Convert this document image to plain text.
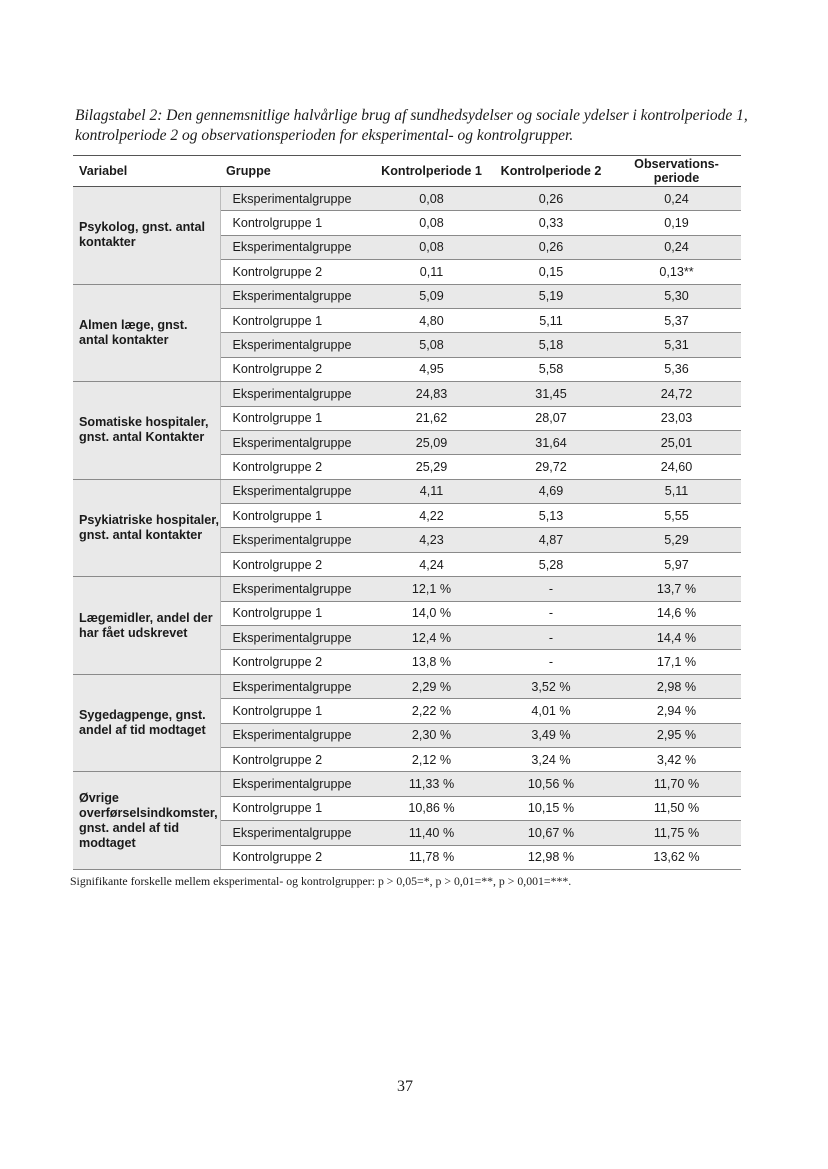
Bilagstabel 2: Den gennemsnitlige halvårlige brug af sundhedsydelser og sociale ydelser i kontrolperiode 1, kontrolperiode 2 og observationsperioden for eksperimental- og kontrolgrupper.

Variabel	Gruppe	Kontrolperiode 1	Kontrolperiode 2	Observations-periode
Psykolog, gnst. antal kontakter	Eksperimentalgruppe	0,08	0,26	0,24
	Kontrolgruppe 1	0,08	0,33	0,19
	Eksperimentalgruppe	0,08	0,26	0,24
	Kontrolgruppe 2	0,11	0,15	0,13**
Almen læge, gnst. antal kontakter	Eksperimentalgruppe	5,09	5,19	5,30
	Kontrolgruppe 1	4,80	5,11	5,37
	Eksperimentalgruppe	5,08	5,18	5,31
	Kontrolgruppe 2	4,95	5,58	5,36
Somatiske hospitaler, gnst. antal Kontakter	Eksperimentalgruppe	24,83	31,45	24,72
	Kontrolgruppe 1	21,62	28,07	23,03
	Eksperimentalgruppe	25,09	31,64	25,01
	Kontrolgruppe 2	25,29	29,72	24,60
Psykiatriske hospitaler, gnst. antal kontakter	Eksperimentalgruppe	4,11	4,69	5,11
	Kontrolgruppe 1	4,22	5,13	5,55
	Eksperimentalgruppe	4,23	4,87	5,29
	Kontrolgruppe 2	4,24	5,28	5,97
Lægemidler, andel der har fået udskrevet	Eksperimentalgruppe	12,1 %	-	13,7 %
	Kontrolgruppe 1	14,0 %	-	14,6 %
	Eksperimentalgruppe	12,4 %	-	14,4 %
	Kontrolgruppe 2	13,8 %	-	17,1 %
Sygedagpenge, gnst. andel af tid modtaget	Eksperimentalgruppe	2,29 %	3,52 %	2,98 %
	Kontrolgruppe 1	2,22 %	4,01 %	2,94 %
	Eksperimentalgruppe	2,30 %	3,49 %	2,95 %
	Kontrolgruppe 2	2,12 %	3,24 %	3,42 %
Øvrige overførselsindkomster, gnst. andel af tid modtaget	Eksperimentalgruppe	11,33 %	10,56 %	11,70 %
	Kontrolgruppe 1	10,86 %	10,15 %	11,50 %
	Eksperimentalgruppe	11,40 %	10,67 %	11,75 %
	Kontrolgruppe 2	11,78 %	12,98 %	13,62 %

Signifikante forskelle mellem eksperimental- og kontrolgrupper: p > 0,05=*, p > 0,01=**, p > 0,001=***.

37
